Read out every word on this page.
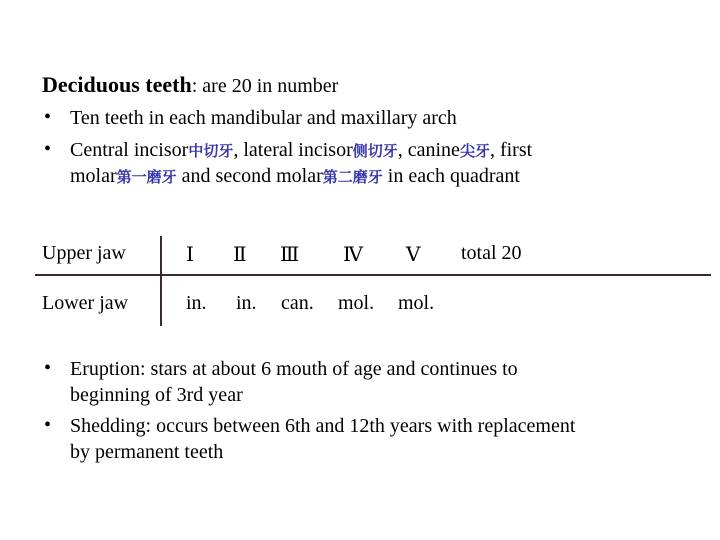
Deciduous teeth: are 20 in number
• Ten teeth in each mandibular and maxillary arch
• Central incisor中切牙, lateral incisor侧切牙, canine尖牙, first
molar第一磨牙 and second molar第二磨牙 in each quadrant
Upper jaw	Ⅰ Ⅱ Ⅲ Ⅳ Ⅴ total 20
Lower jaw	in. in. can. mol. mol.
• Eruption: stars at about 6 mouth of age and continues to
beginning of 3rd year
• Shedding: occurs between 6th and 12th years with replacement
by permanent teeth
